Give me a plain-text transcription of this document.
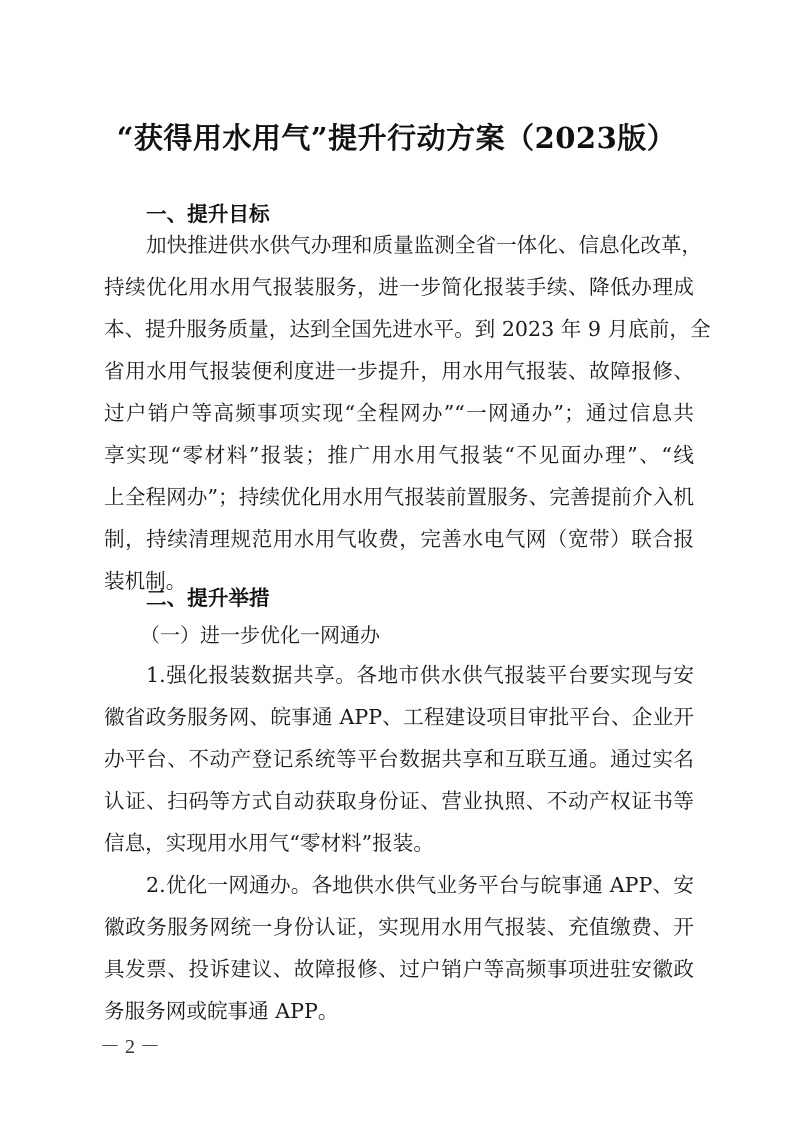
“获得用水用气”提升行动方案（2023版）
一、提升目标
加快推进供水供气办理和质量监测全省一体化、信息化改革，
持续优化用水用气报装服务，进一步简化报装手续、降低办理成
本、提升服务质量，达到全国先进水平。到 2023 年 9 月底前，全
省用水用气报装便利度进一步提升，用水用气报装、故障报修、
过户销户等高频事项实现“全程网办”“一网通办”；通过信息共
享实现“零材料”报装；推广用水用气报装“不见面办理”、“线
上全程网办”；持续优化用水用气报装前置服务、完善提前介入机
制，持续清理规范用水用气收费，完善水电气网（宽带）联合报
装机制。
二、提升举措
（一）进一步优化一网通办
1.强化报装数据共享。各地市供水供气报装平台要实现与安
徽省政务服务网、皖事通 APP、工程建设项目审批平台、企业开
办平台、不动产登记系统等平台数据共享和互联互通。通过实名
认证、扫码等方式自动获取身份证、营业执照、不动产权证书等
信息，实现用水用气“零材料”报装。
2.优化一网通办。各地供水供气业务平台与皖事通 APP、安
徽政务服务网统一身份认证，实现用水用气报装、充值缴费、开
具发票、投诉建议、故障报修、过户销户等高频事项进驻安徽政
务服务网或皖事通 APP。
－ 2 －
